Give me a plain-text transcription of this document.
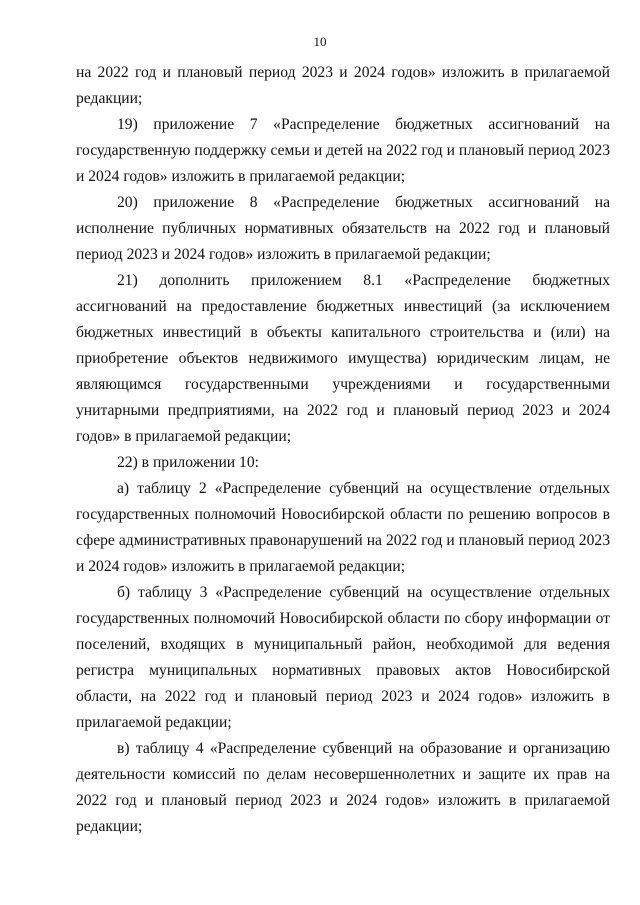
10

на 2022 год и плановый период 2023 и 2024 годов» изложить в прилагаемой редакции;

19) приложение 7 «Распределение бюджетных ассигнований на государственную поддержку семьи и детей на 2022 год и плановый период 2023 и 2024 годов» изложить в прилагаемой редакции;

20) приложение 8 «Распределение бюджетных ассигнований на исполнение публичных нормативных обязательств на 2022 год и плановый период 2023 и 2024 годов» изложить в прилагаемой редакции;

21) дополнить приложением 8.1 «Распределение бюджетных ассигнований на предоставление бюджетных инвестиций (за исключением бюджетных инвестиций в объекты капитального строительства и (или) на приобретение объектов недвижимого имущества) юридическим лицам, не являющимся государственными учреждениями и государственными унитарными предприятиями, на 2022 год и плановый период 2023 и 2024 годов» в прилагаемой редакции;

22) в приложении 10:

а) таблицу 2 «Распределение субвенций на осуществление отдельных государственных полномочий Новосибирской области по решению вопросов в сфере административных правонарушений на 2022 год и плановый период 2023 и 2024 годов» изложить в прилагаемой редакции;

б) таблицу 3 «Распределение субвенций на осуществление отдельных государственных полномочий Новосибирской области по сбору информации от поселений, входящих в муниципальный район, необходимой для ведения регистра муниципальных нормативных правовых актов Новосибирской области, на 2022 год и плановый период 2023 и 2024 годов» изложить в прилагаемой редакции;

в) таблицу 4 «Распределение субвенций на образование и организацию деятельности комиссий по делам несовершеннолетних и защите их прав на 2022 год и плановый период 2023 и 2024 годов» изложить в прилагаемой редакции;
